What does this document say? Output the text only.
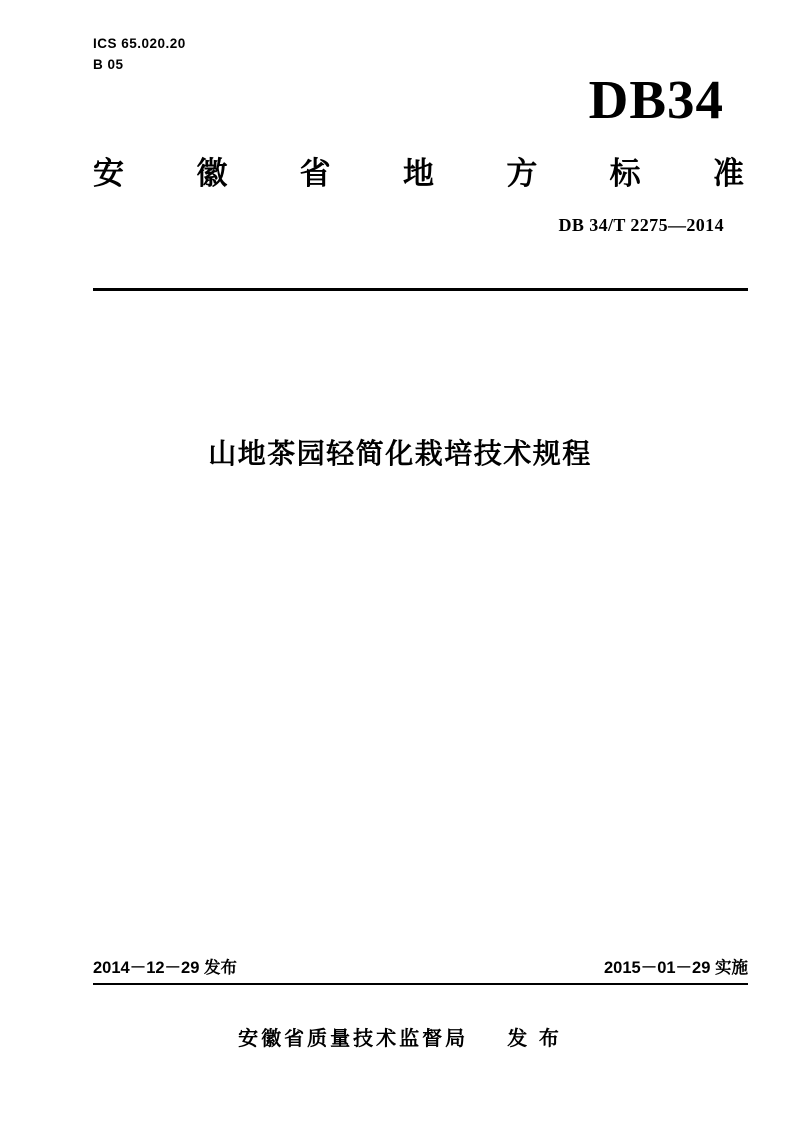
ICS 65.020.20
B 05
DB34
安 徽 省 地 方 标 准
DB 34/T 2275—2014
山地茶园轻简化栽培技术规程
2014－12－29 发布	2015－01－29 实施
安徽省质量技术监督局 发 布
